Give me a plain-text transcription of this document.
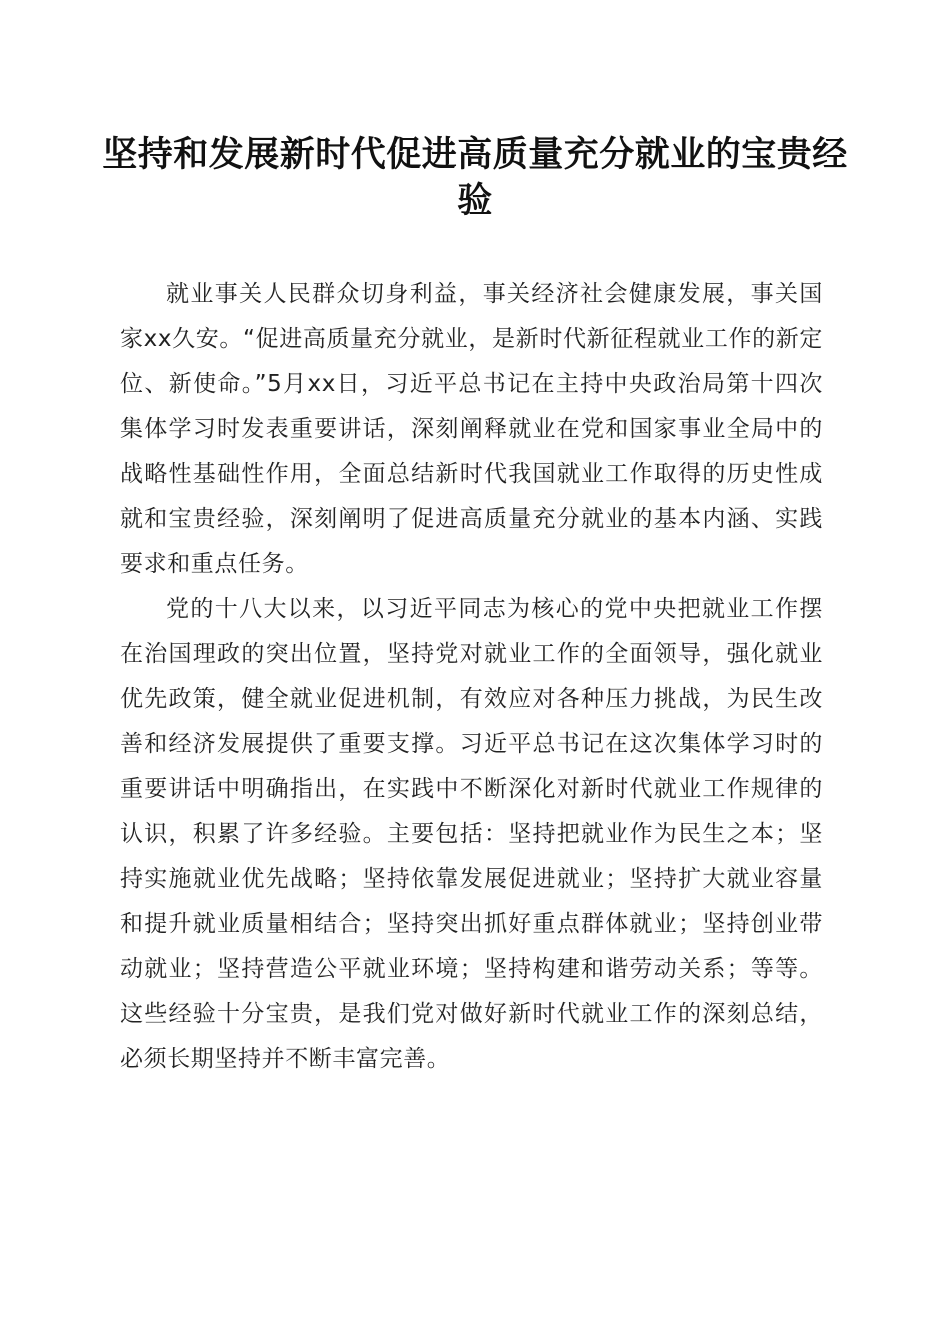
坚持和发展新时代促进高质量充分就业的宝贵经验

就业事关人民群众切身利益，事关经济社会健康发展，事关国家xx久安。“促进高质量充分就业，是新时代新征程就业工作的新定位、新使命。”5月xx日，习近平总书记在主持中央政治局第十四次集体学习时发表重要讲话，深刻阐释就业在党和国家事业全局中的战略性基础性作用，全面总结新时代我国就业工作取得的历史性成就和宝贵经验，深刻阐明了促进高质量充分就业的基本内涵、实践要求和重点任务。

党的十八大以来，以习近平同志为核心的党中央把就业工作摆在治国理政的突出位置，坚持党对就业工作的全面领导，强化就业优先政策，健全就业促进机制，有效应对各种压力挑战，为民生改善和经济发展提供了重要支撑。习近平总书记在这次集体学习时的重要讲话中明确指出，在实践中不断深化对新时代就业工作规律的认识，积累了许多经验。主要包括：坚持把就业作为民生之本；坚持实施就业优先战略；坚持依靠发展促进就业；坚持扩大就业容量和提升就业质量相结合；坚持突出抓好重点群体就业；坚持创业带动就业；坚持营造公平就业环境；坚持构建和谐劳动关系；等等。这些经验十分宝贵，是我们党对做好新时代就业工作的深刻总结，必须长期坚持并不断丰富完善。
